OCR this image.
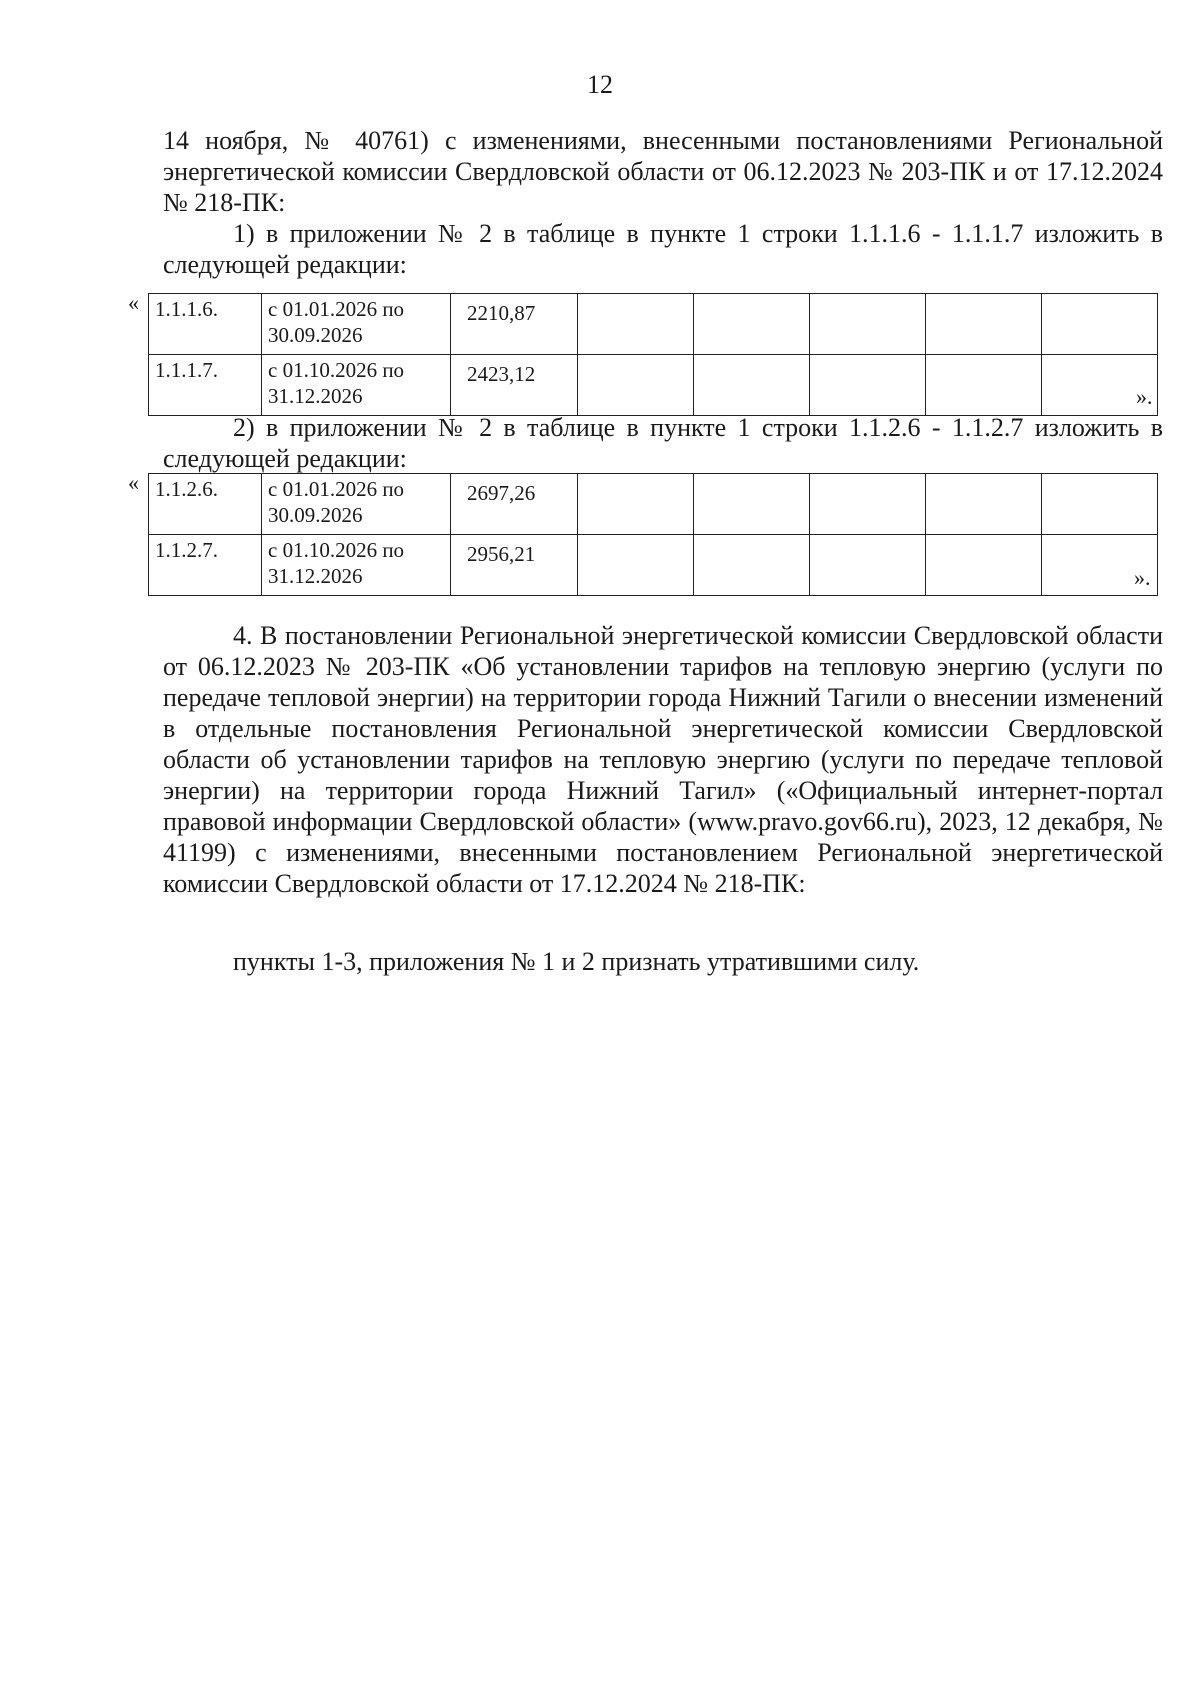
12

14 ноября, № 40761) с изменениями, внесенными постановлениями Региональной энергетической комиссии Свердловской области от 06.12.2023 № 203-ПК и от 17.12.2024 № 218-ПК:

1) в приложении № 2 в таблице в пункте 1 строки 1.1.1.6 - 1.1.1.7 изложить в следующей редакции:

« 1.1.1.6.	с 01.01.2026 по 30.09.2026	2210,87					
1.1.1.7.	с 01.10.2026 по 31.12.2026	2423,12					
».

2) в приложении № 2 в таблице в пункте 1 строки 1.1.2.6 - 1.1.2.7 изложить в следующей редакции:

« 1.1.2.6.	с 01.01.2026 по 30.09.2026	2697,26					
1.1.2.7.	с 01.10.2026 по 31.12.2026	2956,21					
».

4. В постановлении Региональной энергетической комиссии Свердловской области от 06.12.2023 № 203-ПК «Об установлении тарифов на тепловую энергию (услуги по передаче тепловой энергии) на территории города Нижний Тагили о внесении изменений в отдельные постановления Региональной энергетической комиссии Свердловской области об установлении тарифов на тепловую энергию (услуги по передаче тепловой энергии) на территории города Нижний Тагил» («Официальный интернет-портал правовой информации Свердловской области» (www.pravo.gov66.ru), 2023, 12 декабря, № 41199) с изменениями, внесенными постановлением Региональной энергетической комиссии Свердловской области от 17.12.2024 № 218-ПК:

пункты 1-3, приложения № 1 и 2 признать утратившими силу.
